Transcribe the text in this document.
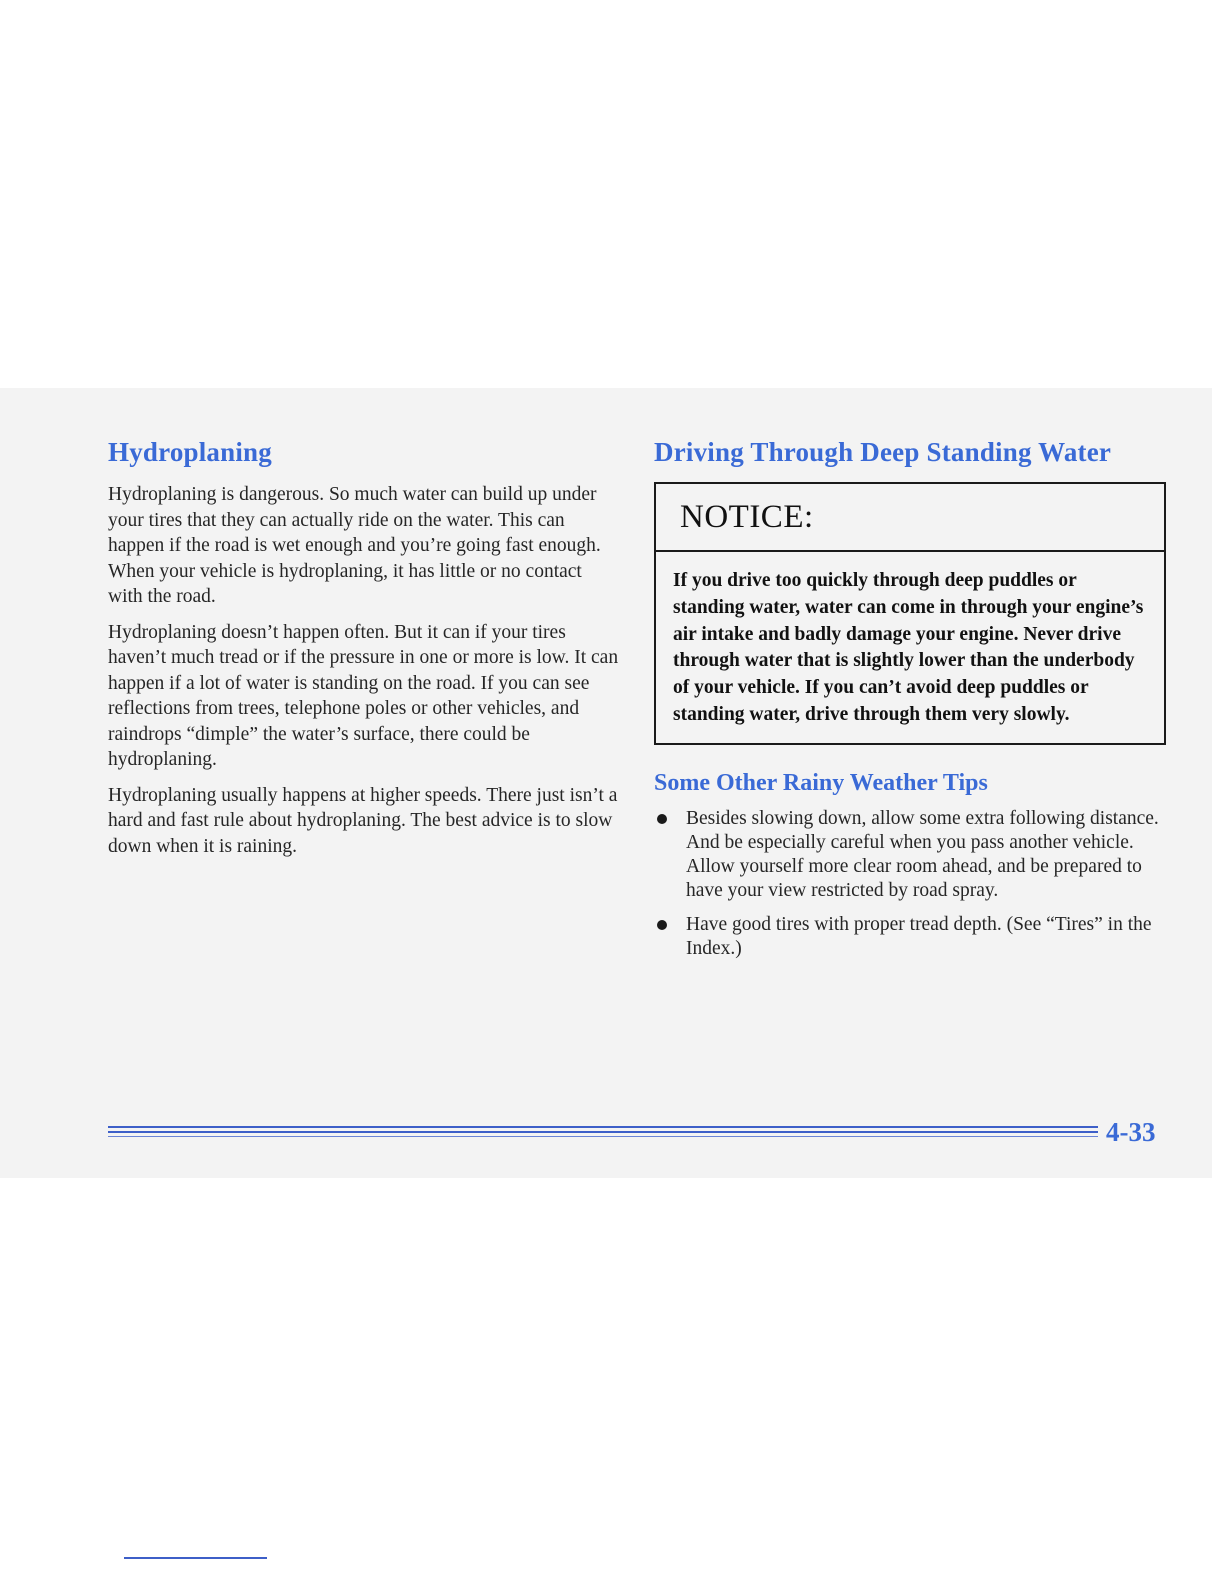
Hydroplaning

Hydroplaning is dangerous. So much water can build up under your tires that they can actually ride on the water. This can happen if the road is wet enough and you’re going fast enough. When your vehicle is hydroplaning, it has little or no contact with the road.

Hydroplaning doesn’t happen often. But it can if your tires haven’t much tread or if the pressure in one or more is low. It can happen if a lot of water is standing on the road. If you can see reflections from trees, telephone poles or other vehicles, and raindrops “dimple” the water’s surface, there could be hydroplaning.

Hydroplaning usually happens at higher speeds. There just isn’t a hard and fast rule about hydroplaning. The best advice is to slow down when it is raining.

Driving Through Deep Standing Water
NOTICE:
If you drive too quickly through deep puddles or standing water, water can come in through your engine’s air intake and badly damage your engine. Never drive through water that is slightly lower than the underbody of your vehicle. If you can’t avoid deep puddles or standing water, drive through them very slowly.
Some Other Rainy Weather Tips
Besides slowing down, allow some extra following distance. And be especially careful when you pass another vehicle. Allow yourself more clear room ahead, and be prepared to have your view restricted by road spray.
Have good tires with proper tread depth. (See “Tires” in the Index.)
4-33
